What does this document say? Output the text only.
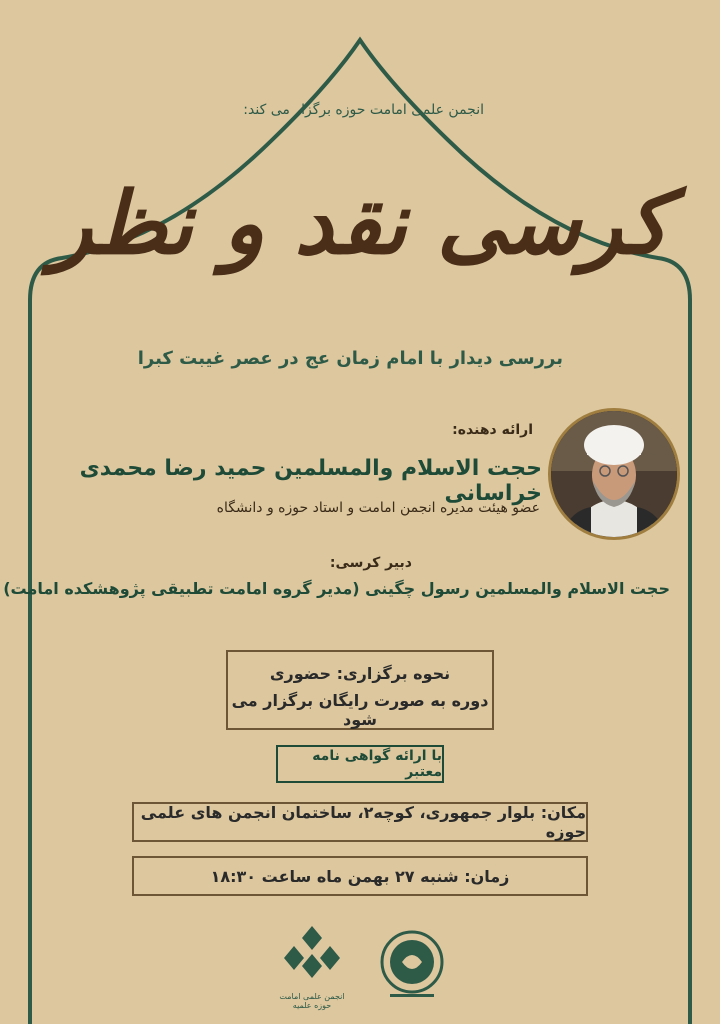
انجمن علمی امامت حوزه برگزار می کند:
کرسی نقد و نظر
بررسی دیدار با امام زمان عج در عصر غیبت کبرا
ارائه دهنده:
حجت الاسلام والمسلمین حمید رضا محمدی خراسانی
عضو هیئت مدیره انجمن امامت و استاد حوزه و دانشگاه
دبیر کرسی:
حجت الاسلام والمسلمین رسول چگینی (مدیر گروه امامت تطبیقی پژوهشکده امامت)
نحوه برگزاری: حضوری
دوره به صورت رایگان برگزار می شود
با ارائه گواهی نامه معتبر
مکان: بلوار جمهوری، کوچه۲، ساختمان انجمن های علمی حوزه
زمان: شنبه ۲۷ بهمن ماه ساعت ۱۸:۳۰
انجمن علمی امامت حوزه علمیه
